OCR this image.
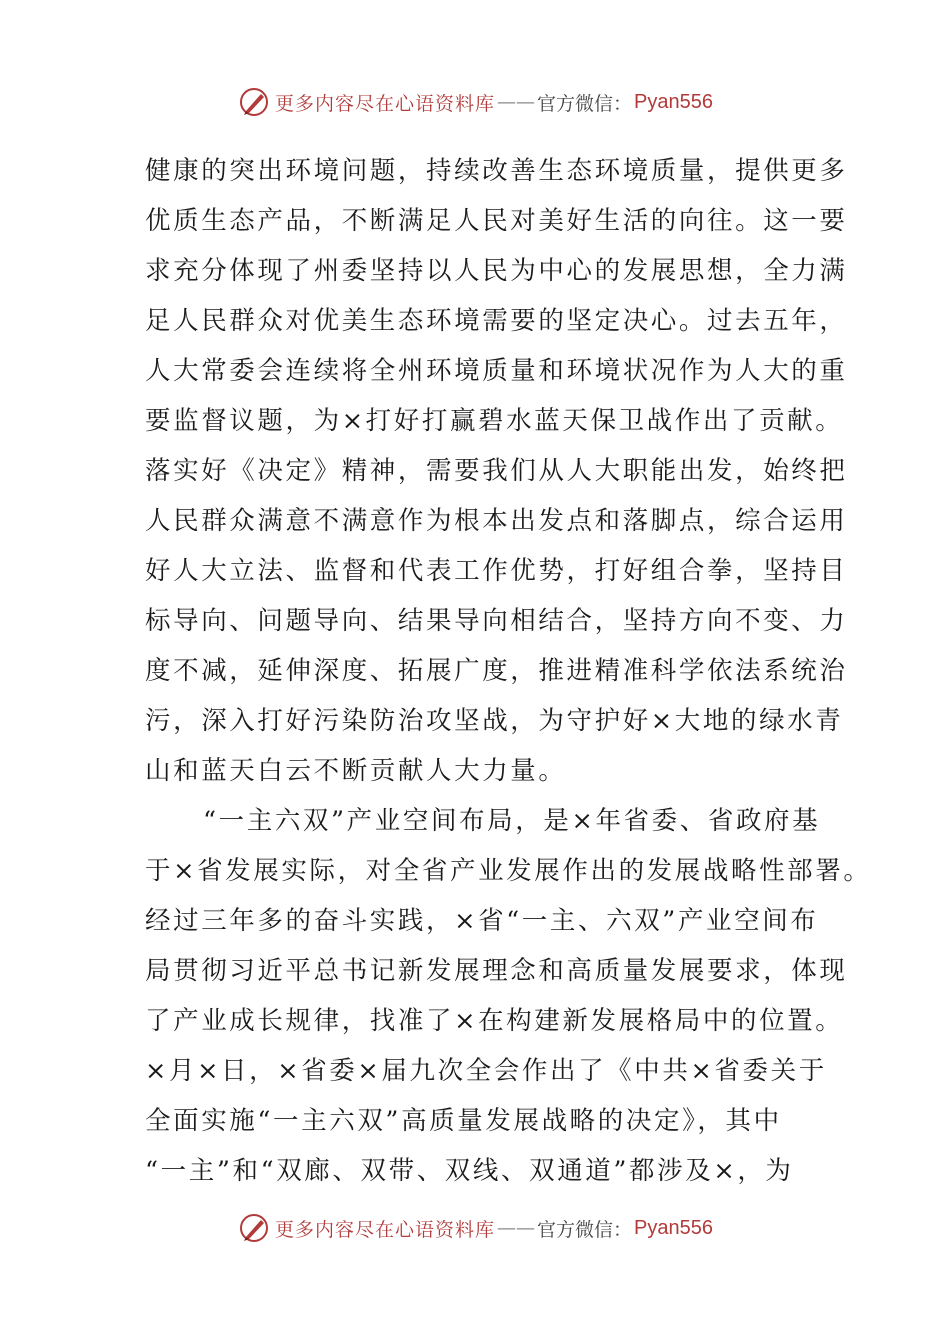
更多内容尽在心语资料库 —— 官方微信： Pyan556
健康的突出环境问题，持续改善生态环境质量，提供更多
优质生态产品，不断满足人民对美好生活的向往。这一要
求充分体现了州委坚持以人民为中心的发展思想，全力满
足人民群众对优美生态环境需要的坚定决心。过去五年，
人大常委会连续将全州环境质量和环境状况作为人大的重
要监督议题，为×打好打赢碧水蓝天保卫战作出了贡献。
落实好《决定》精神，需要我们从人大职能出发，始终把
人民群众满意不满意作为根本出发点和落脚点，综合运用
好人大立法、监督和代表工作优势，打好组合拳，坚持目
标导向、问题导向、结果导向相结合，坚持方向不变、力
度不减，延伸深度、拓展广度，推进精准科学依法系统治
污，深入打好污染防治攻坚战，为守护好×大地的绿水青
山和蓝天白云不断贡献人大力量。
“一主六双”产业空间布局，是×年省委、省政府基
于×省发展实际，对全省产业发展作出的发展战略性部署。
经过三年多的奋斗实践，×省“一主、六双”产业空间布
局贯彻习近平总书记新发展理念和高质量发展要求，体现
了产业成长规律，找准了×在构建新发展格局中的位置。
×月×日，×省委×届九次全会作出了《中共×省委关于
全面实施“一主六双”高质量发展战略的决定》，其中
“一主”和“双廊、双带、双线、双通道”都涉及×，为
更多内容尽在心语资料库 —— 官方微信： Pyan556
